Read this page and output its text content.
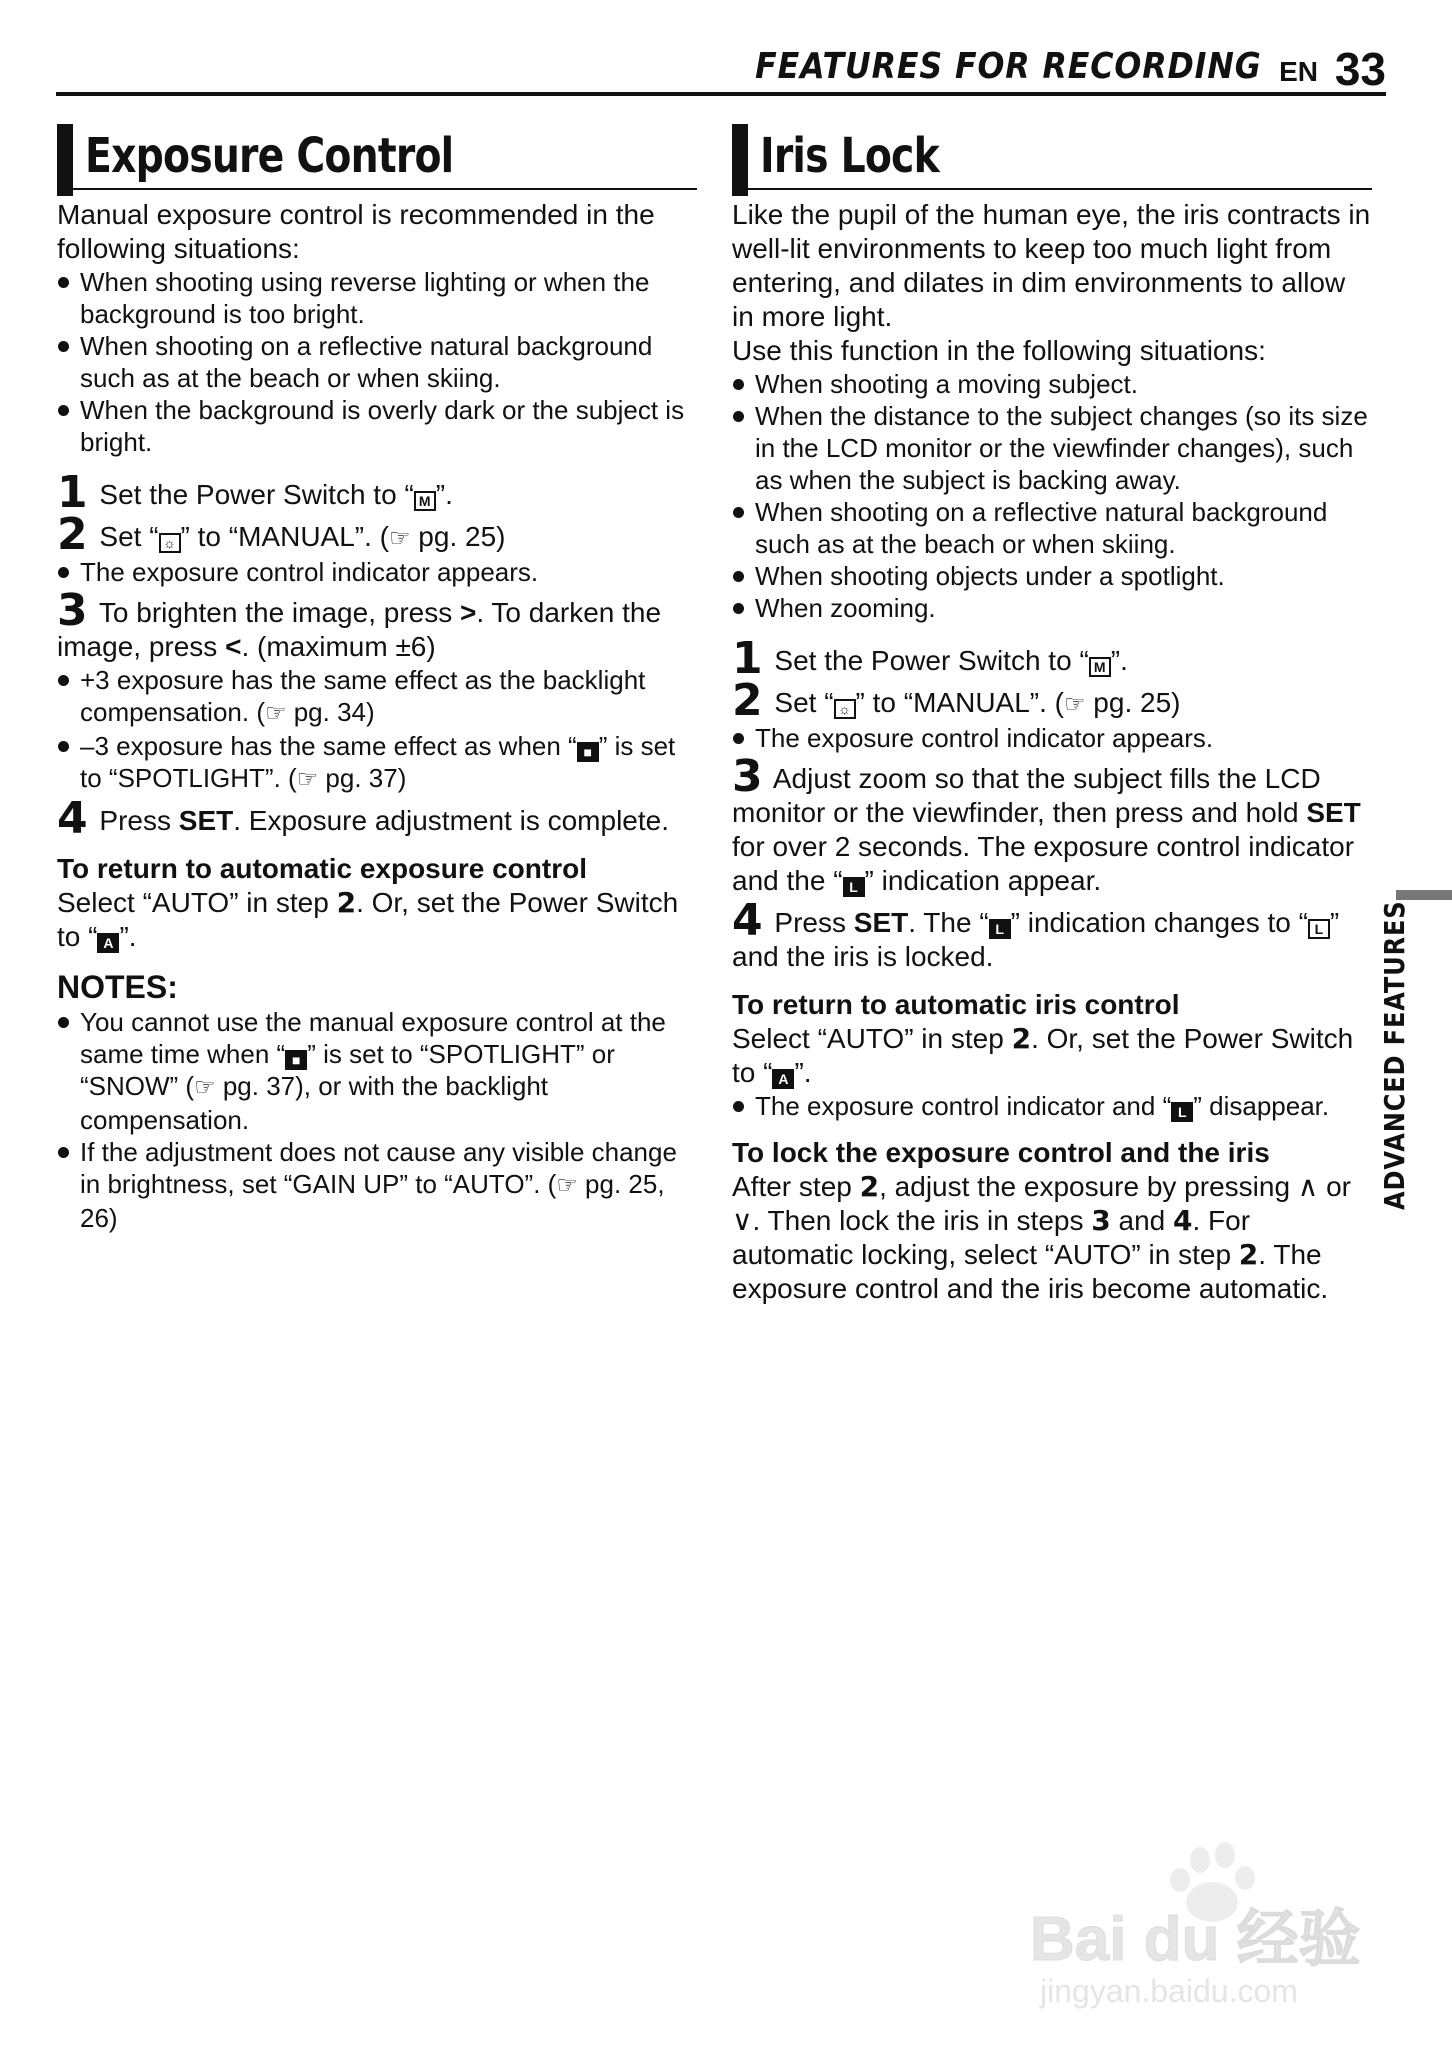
FEATURES FOR RECORDING EN 33
Exposure Control

Manual exposure control is recommended in the following situations:

When shooting using reverse lighting or when the background is too bright.

When shooting on a reflective natural background such as at the beach or when skiing.

When the background is overly dark or the subject is bright.

1 Set the Power Switch to “ M ”.

2 Set “ ☼ ” to “MANUAL”. (☞ pg. 25)

The exposure control indicator appears.

3 To brighten the image, press >. To darken the image, press <. (maximum ±6)

+3 exposure has the same effect as the backlight compensation. (☞ pg. 34)

–3 exposure has the same effect as when “ ■ ” is set to “SPOTLIGHT”. (☞ pg. 37)

4 Press SET. Exposure adjustment is complete.

To return to automatic exposure control

Select “AUTO” in step 2. Or, set the Power Switch to “ A ”.

NOTES:

You cannot use the manual exposure control at the same time when “ ■ ” is set to “SPOTLIGHT” or “SNOW” (☞ pg. 37), or with the backlight compensation.

If the adjustment does not cause any visible change in brightness, set “GAIN UP” to “AUTO”. (☞ pg. 25, 26)

Iris Lock

Like the pupil of the human eye, the iris contracts in well-lit environments to keep too much light from entering, and dilates in dim environments to allow in more light.

Use this function in the following situations:

When shooting a moving subject.

When the distance to the subject changes (so its size in the LCD monitor or the viewfinder changes), such as when the subject is backing away.

When shooting on a reflective natural background such as at the beach or when skiing.

When shooting objects under a spotlight.

When zooming.

1 Set the Power Switch to “ M ”.

2 Set “ ☼ ” to “MANUAL”. (☞ pg. 25)

The exposure control indicator appears.

3 Adjust zoom so that the subject fills the LCD monitor or the viewfinder, then press and hold SET for over 2 seconds. The exposure control indicator and the “ L ” indication appear.

4 Press SET. The “ L ” indication changes to “ L ” and the iris is locked.

To return to automatic iris control

Select “AUTO” in step 2. Or, set the Power Switch to “ A ”.

The exposure control indicator and “ L ” disappear.

To lock the exposure control and the iris

After step 2, adjust the exposure by pressing ∧ or ∨. Then lock the iris in steps 3 and 4. For automatic locking, select “AUTO” in step 2. The exposure control and the iris become automatic.

ADVANCED FEATURES
Bai du 经验
jingyan.baidu.com
